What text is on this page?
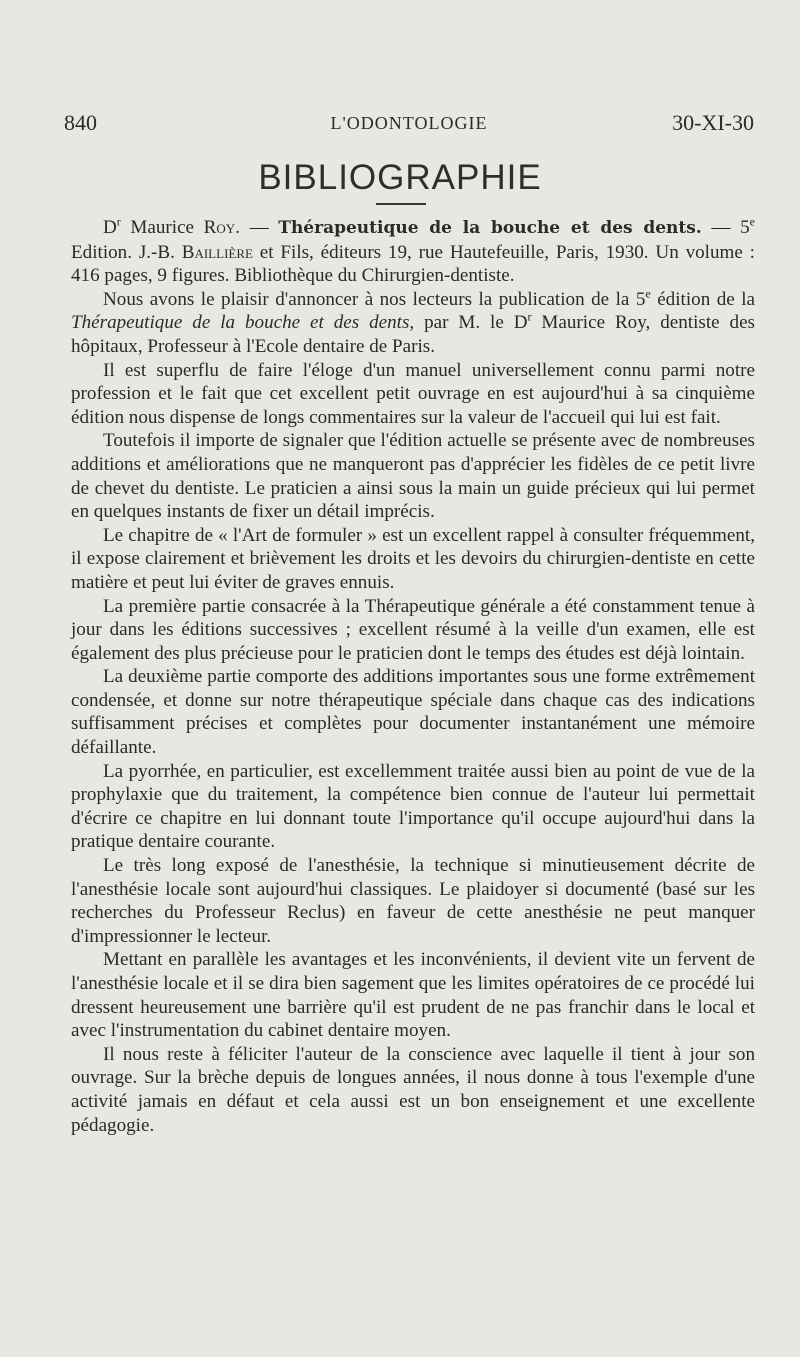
840	L'ODONTOLOGIE	30-XI-30
BIBLIOGRAPHIE

$D^r$ Maurice Roy. — Thérapeutique de la bouche et des dents. — 5e Edition. J.-B. Baillière et Fils, éditeurs 19, rue Hautefeuille, Paris, 1930. Un volume : 416 pages, 9 figures. Bibliothèque du Chirurgien-dentiste.

Nous avons le plaisir d'annoncer à nos lecteurs la publication de la 5e édition de la Thérapeutique de la bouche et des dents, par M. le $D^r$ Maurice Roy, dentiste des hôpitaux, Professeur à l'Ecole dentaire de Paris.

Il est superflu de faire l'éloge d'un manuel universellement connu parmi notre profession et le fait que cet excellent petit ouvrage en est aujourd'hui à sa cinquième édition nous dispense de longs commentaires sur la valeur de l'accueil qui lui est fait.

Toutefois il importe de signaler que l'édition actuelle se présente avec de nombreuses additions et améliorations que ne manqueront pas d'apprécier les fidèles de ce petit livre de chevet du dentiste. Le praticien a ainsi sous la main un guide précieux qui lui permet en quelques instants de fixer un détail imprécis.

Le chapitre de « l'Art de formuler » est un excellent rappel à consulter fréquemment, il expose clairement et brièvement les droits et les devoirs du chirurgien-dentiste en cette matière et peut lui éviter de graves ennuis.

La première partie consacrée à la Thérapeutique générale a été constamment tenue à jour dans les éditions successives ; excellent résumé à la veille d'un examen, elle est également des plus précieuse pour le praticien dont le temps des études est déjà lointain.

La deuxième partie comporte des additions importantes sous une forme extrêmement condensée, et donne sur notre thérapeutique spéciale dans chaque cas des indications suffisamment précises et complètes pour documenter instantanément une mémoire défaillante.

La pyorrhée, en particulier, est excellemment traitée aussi bien au point de vue de la prophylaxie que du traitement, la compétence bien connue de l'auteur lui permettait d'écrire ce chapitre en lui donnant toute l'importance qu'il occupe aujourd'hui dans la pratique dentaire courante.

Le très long exposé de l'anesthésie, la technique si minutieusement décrite de l'anesthésie locale sont aujourd'hui classiques. Le plaidoyer si documenté (basé sur les recherches du Professeur Reclus) en faveur de cette anesthésie ne peut manquer d'impressionner le lecteur.

Mettant en parallèle les avantages et les inconvénients, il devient vite un fervent de l'anesthésie locale et il se dira bien sagement que les limites opératoires de ce procédé lui dressent heureusement une barrière qu'il est prudent de ne pas franchir dans le local et avec l'instrumentation du cabinet dentaire moyen.

Il nous reste à féliciter l'auteur de la conscience avec laquelle il tient à jour son ouvrage. Sur la brèche depuis de longues années, il nous donne à tous l'exemple d'une activité jamais en défaut et cela aussi est un bon enseignement et une excellente pédagogie.
